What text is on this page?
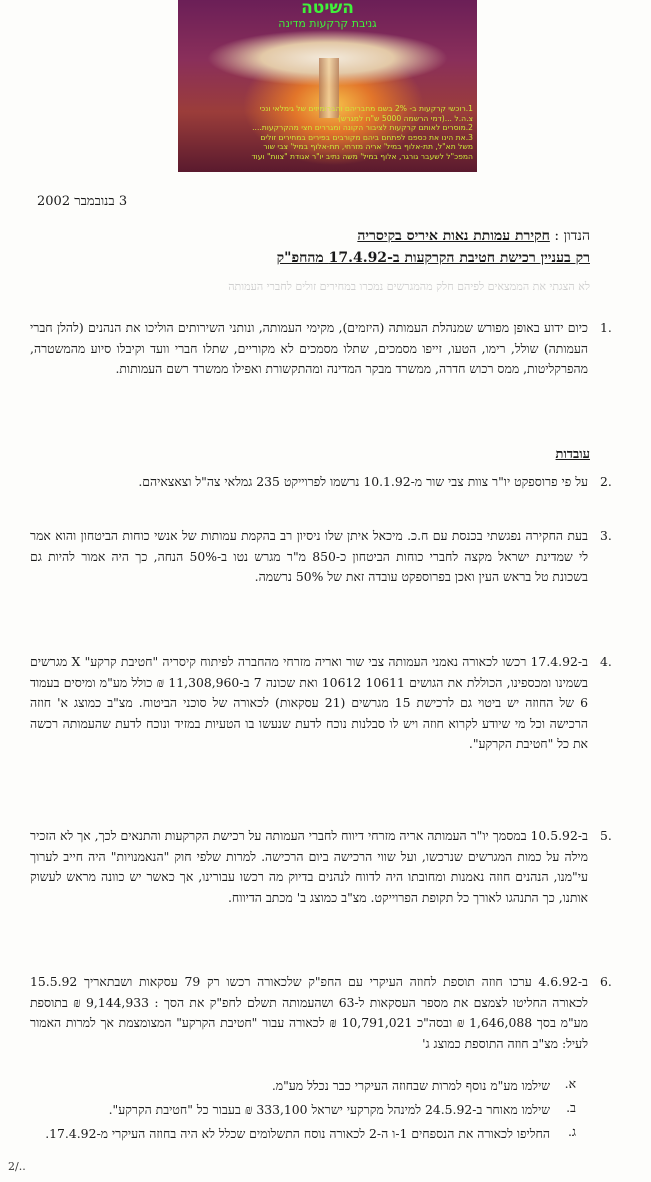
השיטה
גניבת קרקעות מדינה
1.רוכשי קרקעות ב- 2% בשם מחבריהם והברומיזים של גימלאי ונכי
צ.ה.ל ...(דמי הרשמה 5000 ש"ח למגרש)
2.מוסרים לאותם קרקעות לציבור הקונה ומגררים חצי מהקרקעות....
3.את הינו את כספם לפתחם ביהם מקורבים בפירים במחירים זולים
משל תא"ל, תת-אלוף במיל' אריה מזרחי, תת-אלוף במיל' צבי שור
המפכ"ל לשעבר גורגר, אלוף במיל' משה נתיב יו"ר אגודת "צוות" ועוד
3 בנובמבר 2002
הנדון : חקירת עמותת נאות איריס בקיסריה
רק בעניין רכישת חטיבת הקרקעות ב-17.4.92 מהחפ"ק
לא הצגתי את הממצאים לפיהם חלק מהמגרשים נמכרו במחירים זולים לחברי העמותה
1.
כיום ידוע באופן מפורש שמנהלת העמותה (היזמים), מקימי העמותה, ונותני השירותים הוליכו את הנהנים (להלן חברי העמותה) שולל, רימו, הטעו, זייפו מסמכים, שתלו מסמכים לא מקוריים, שתלו חברי וועד וקיבלו סיוע מהמשטרה, מהפרקליטות, ממס רכוש חדרה, ממשרד מבקר המדינה ומהתקשורת ואפילו ממשרד רשם העמותות.
עובדות
2.
על פי פרוספקט יו"ר צוות צבי שור מ-10.1.92 נרשמו לפרוייקט 235 גמלאי צה"ל וצאצאיהם.
3.
בעת החקירה נפגשתי בכנסת עם ח.כ. מיכאל איתן שלו ניסיון רב בהקמת עמותות של אנשי כוחות הביטחון והוא אמר לי שמדינת ישראל מקצה לחברי כוחות הביטחון כ-850 מ"ר מגרש נטו ב-50% הנחה, כך היה אמור להיות גם בשכונת טל בראש העין ואכן בפרוספקט עובדה זאת של 50% נרשמה.
4.
ב-17.4.92 רכשו לכאורה נאמני העמותה צבי שור ואריה מזרחי מהחברה לפיתוח קיסריה "חטיבת קרקע" X מגרשים בשמינו ומכספינו, הכוללת את הגושים 10611 10612 ואת שכונה 7 ב-11,308,960 ₪ כולל מע"מ ומיסים בעמוד 6 של החוזה יש ביטוי גם לרכישת 15 מגרשים (21 עסקאות) לכאורה של סוכני הביטוח. מצ"ב כמוצג א' חוזה הרכישה וכל מי שיודע לקרוא חוזה ויש לו סבלנות נוכח לדעת שנעשו בו הטעיות במזיד ונוכח לדעת שהעמותה רכשה את כל "חטיבת הקרקע".
5.
ב-10.5.92 במסמך יו"ר העמותה אריה מזרחי דיווח לחברי העמותה על רכישת הקרקעות והתנאים לכך, אך לא הזכיר מילה על כמות המגרשים שנרכשו, ועל שווי הרכישה ביום הרכישה. למרות שלפי חוק "הנאמנויות" היה חייב לערוך עי"מנו, הנהנים חוזה נאמנות ומחובתו היה לדווח לנהנים בדיוק מה רכשו עבורינו, אך כאשר יש כוונה מראש לעשוק אותנו, כך התנהגו לאורך כל תקופת הפרוייקט. מצ"ב כמוצג ב' מכתב הדיווח.
6.
ב-4.6.92 ערכו חוזה תוספת לחוזה העיקרי עם החפ"ק שלכאורה רכשו רק 79 עסקאות ושבתאריך 15.5.92 לכאורה החליטו לצמצם את מספר העסקאות ל-63 ושהעמותה תשלם לחפ"ק את הסך : 9,144,933 ₪ בתוספת מע"מ בסך 1,646,088 ₪ ובסה"כ 10,791,021 ₪ לכאורה עבור "חטיבת הקרקע" המצומצמת אך למרות האמור לעיל: מצ"ב חוזה התוספת כמוצג ג'
א.
שילמו מע"מ נוסף למרות שבחוזה העיקרי כבר נכלל מע"מ.
ב.
שילמו מאוחר ב-24.5.92 למינהל מקרקעי ישראל 333,100 ₪ בעבור כל "חטיבת הקרקע".
ג.
החליפו לכאורה את הנספחים 1-ו ה-2 לכאורה נוסח התשלומים שכלל לא היה בחוזה העיקרי מ-17.4.92.
2/..
